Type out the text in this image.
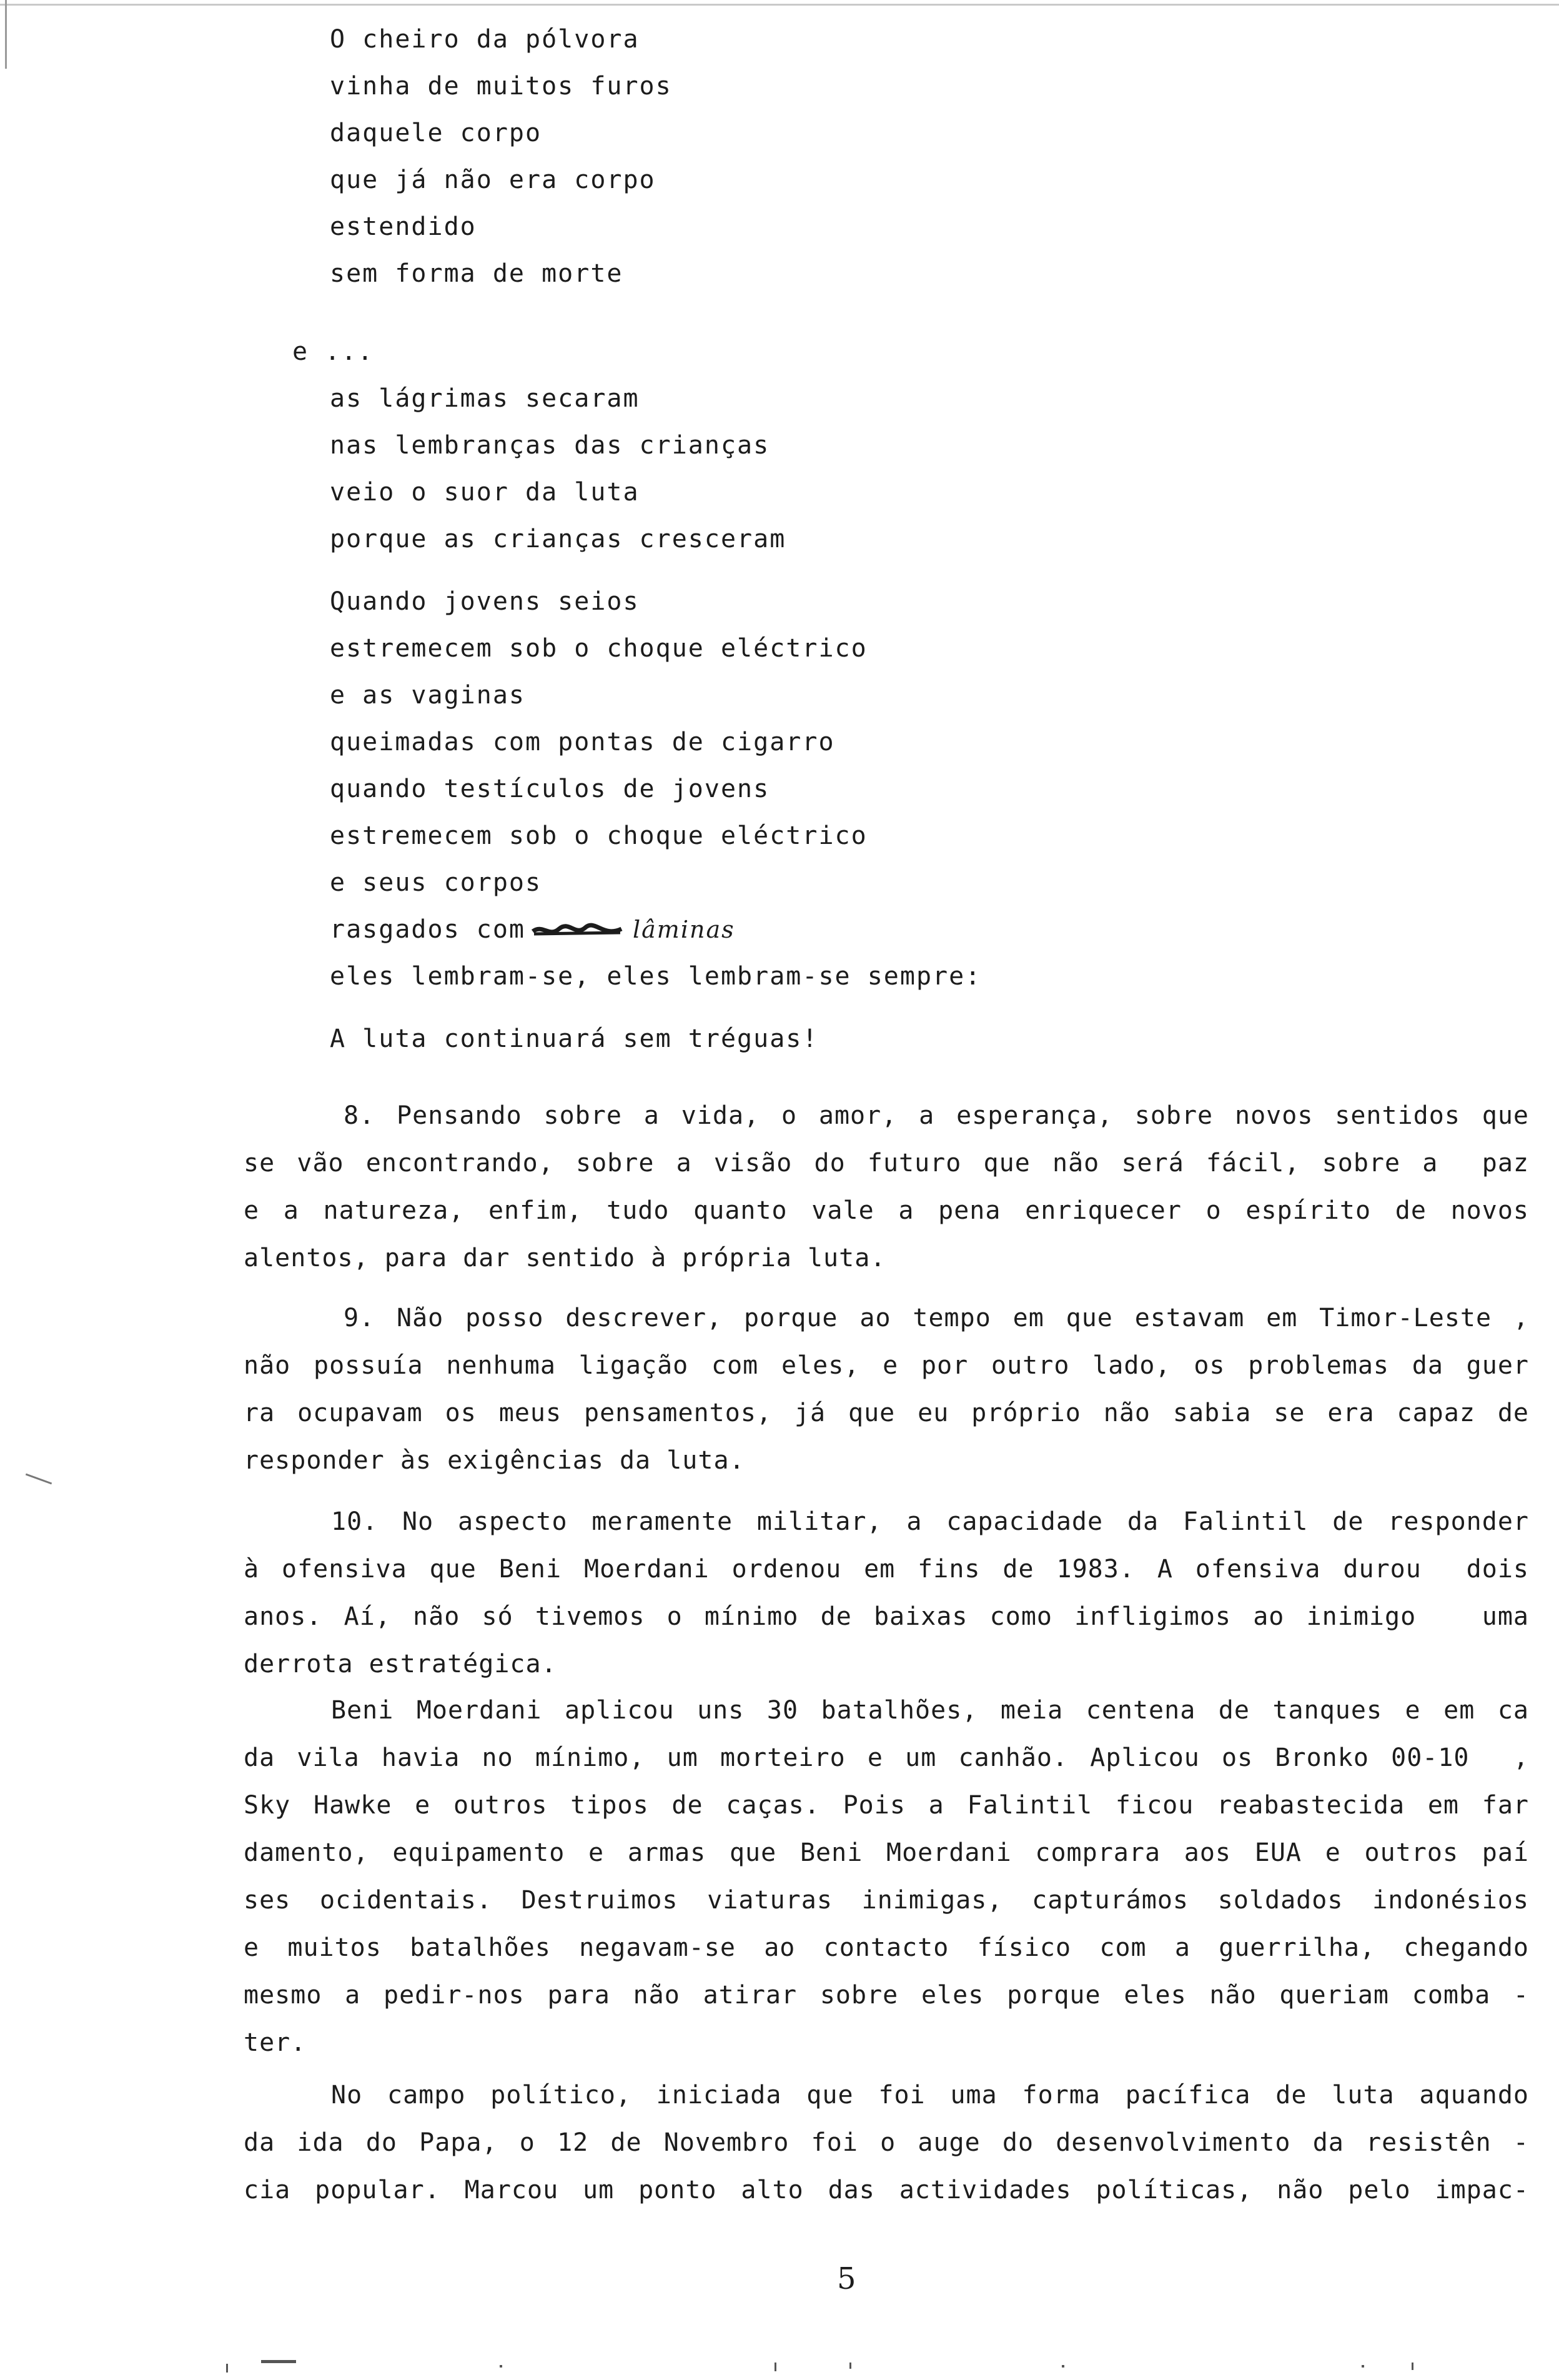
O cheiro da pólvora
vinha de muitos furos
daquele corpo
que já não era corpo
estendido
sem forma de morte
e ...
as lágrimas secaram
nas lembranças das crianças
veio o suor da luta
porque as crianças cresceram
Quando jovens seios
estremecem sob o choque eléctrico
e as vaginas
queimadas com pontas de cigarro
quando testículos de jovens
estremecem sob o choque eléctrico
e seus corpos
rasgados com	lâminas
eles lembram-se, eles lembram-se sempre:
A luta continuará sem tréguas!
8. Pensando sobre a vida, o amor, a esperança, sobre novos sentidos que
se vão encontrando, sobre a visão do futuro que não será fácil, sobre a  paz
e a natureza, enfim, tudo quanto vale a pena enriquecer o espírito de novos
alentos, para dar sentido à própria luta.
9. Não posso descrever, porque ao tempo em que estavam em Timor-Leste ,
não possuía nenhuma ligação com eles, e por outro lado, os problemas da guer
ra ocupavam os meus pensamentos, já que eu próprio não sabia se era capaz de
responder às exigências da luta.
10. No aspecto meramente militar, a capacidade da Falintil de responder
à ofensiva que Beni Moerdani ordenou em fins de 1983. A ofensiva durou  dois
anos. Aí, não só tivemos o mínimo de baixas como infligimos ao inimigo   uma
derrota estratégica.
Beni Moerdani aplicou uns 30 batalhões, meia centena de tanques e em ca
da vila havia no mínimo, um morteiro e um canhão. Aplicou os Bronko 00-10  ,
Sky Hawke e outros tipos de caças. Pois a Falintil ficou reabastecida em far
damento, equipamento e armas que Beni Moerdani comprara aos EUA e outros paí
ses ocidentais. Destruimos viaturas inimigas, capturámos soldados indonésios
e muitos batalhões negavam-se ao contacto físico com a guerrilha, chegando
mesmo a pedir-nos para não atirar sobre eles porque eles não queriam comba -
ter.
No campo político, iniciada que foi uma forma pacífica de luta aquando
da ida do Papa, o 12 de Novembro foi o auge do desenvolvimento da resistên -
cia popular. Marcou um ponto alto das actividades políticas, não pelo impac-
5
